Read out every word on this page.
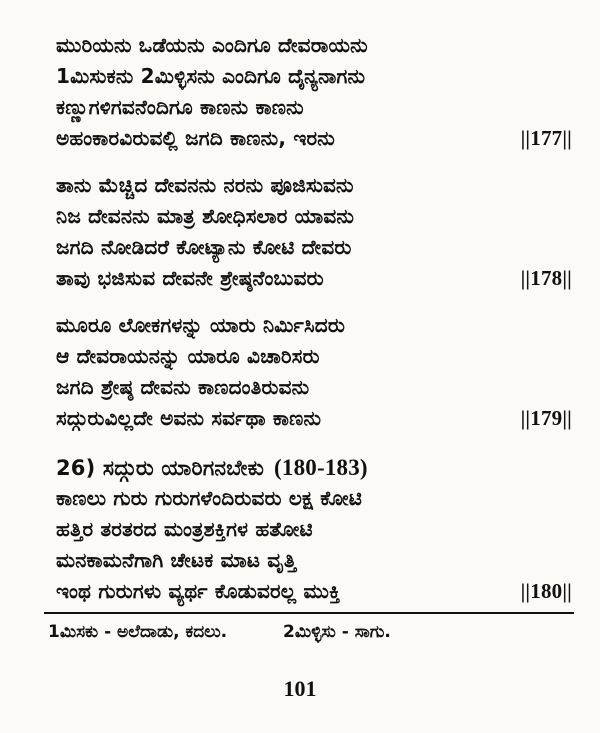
ಮುರಿಯನು ಒಡೆಯನು ಎಂದಿಗೂ ದೇವರಾಯನು
1ಮಿಸುಕನು 2ಮಿಳ್ಳಿಸನು ಎಂದಿಗೂ ದೈನ್ಯನಾಗನು
ಕಣ್ಣುಗಳಿಗವನೆಂದಿಗೂ ಕಾಣನು ಕಾಣನು
ಅಹಂಕಾರವಿರುವಲ್ಲಿ ಜಗದಿ ಕಾಣನು, ಇರನು	||177||
ತಾನು ಮೆಚ್ಚಿದ ದೇವನನು ನರನು ಪೂಜಿಸುವನು
ನಿಜ ದೇವನನು ಮಾತ್ರ ಶೋಧಿಸಲಾರ ಯಾವನು
ಜಗದಿ ನೋಡಿದರೆ ಕೋಟ್ಯಾನು ಕೋಟಿ ದೇವರು
ತಾವು ಭಜಿಸುವ ದೇವನೇ ಶ್ರೇಷ್ಠನೆಂಬುವರು	||178||
ಮೂರೂ ಲೋಕಗಳನ್ನು ಯಾರು ನಿರ್ಮಿಸಿದರು
ಆ ದೇವರಾಯನನ್ನು ಯಾರೂ ವಿಚಾರಿಸರು
ಜಗದಿ ಶ್ರೇಷ್ಠ ದೇವನು ಕಾಣದಂತಿರುವನು
ಸದ್ಗುರುವಿಲ್ಲದೇ ಅವನು ಸರ್ವಥಾ ಕಾಣನು	||179||
26) ಸದ್ಗುರು ಯಾರಿಗನಬೇಕು (180-183)
ಕಾಣಲು ಗುರು ಗುರುಗಳೆಂದಿರುವರು ಲಕ್ಷ ಕೋಟಿ
ಹತ್ತಿರ ತರತರದ ಮಂತ್ರಶಕ್ತಿಗಳ ಹತೋಟಿ
ಮನಕಾಮನೆಗಾಗಿ ಚೇಟಕ ಮಾಟ ವೃತ್ತಿ
ಇಂಥ ಗುರುಗಳು ವ್ಯರ್ಥ ಕೊಡುವರಲ್ಲ ಮುಕ್ತಿ	||180||
1ಮಿಸಕು - ಅಲೆದಾಡು, ಕದಲು.	2ಮಿಳ್ಳಿಸು - ಸಾಗು.
101
